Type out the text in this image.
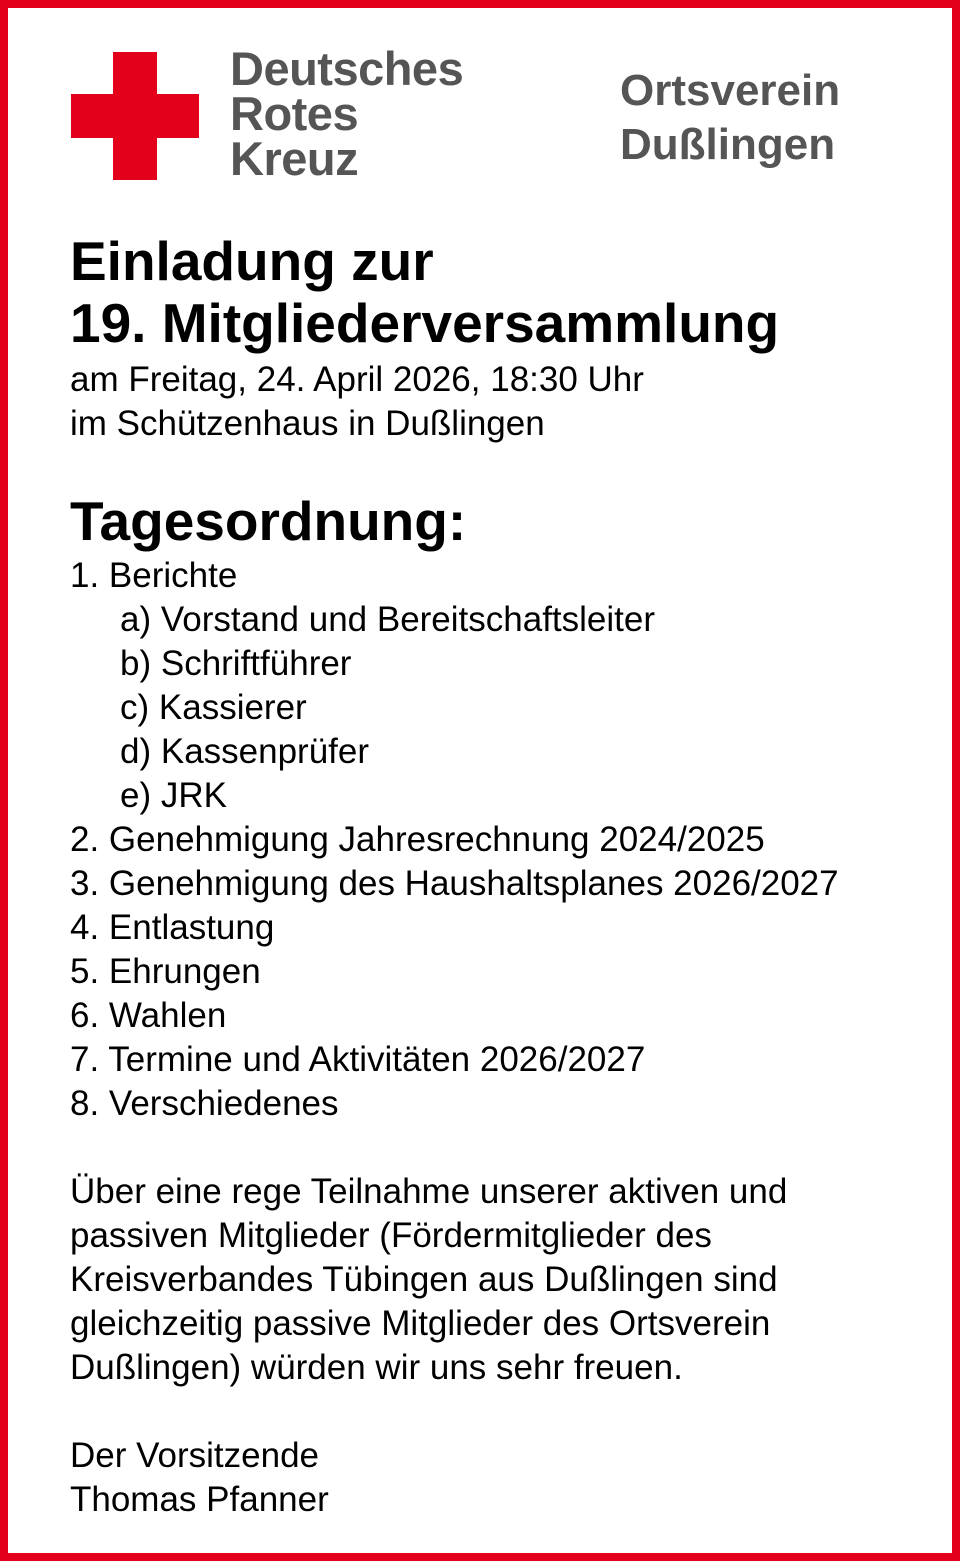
Deutsches
Rotes
Kreuz
Ortsverein
Dußlingen
Einladung zur
19. Mitgliederversammlung
am Freitag, 24. April 2026, 18:30 Uhr
im Schützenhaus in Dußlingen
Tagesordnung:
1. Berichte
a) Vorstand und Bereitschaftsleiter
b) Schriftführer
c) Kassierer
d) Kassenprüfer
e) JRK
2. Genehmigung Jahresrechnung 2024/2025
3. Genehmigung des Haushaltsplanes 2026/2027
4. Entlastung
5. Ehrungen
6. Wahlen
7. Termine und Aktivitäten 2026/2027
8. Verschiedenes
Über eine rege Teilnahme unserer aktiven und
passiven Mitglieder (Fördermitglieder des
Kreisverbandes Tübingen aus Dußlingen sind
gleichzeitig passive Mitglieder des Ortsverein
Dußlingen) würden wir uns sehr freuen.
Der Vorsitzende
Thomas Pfanner
